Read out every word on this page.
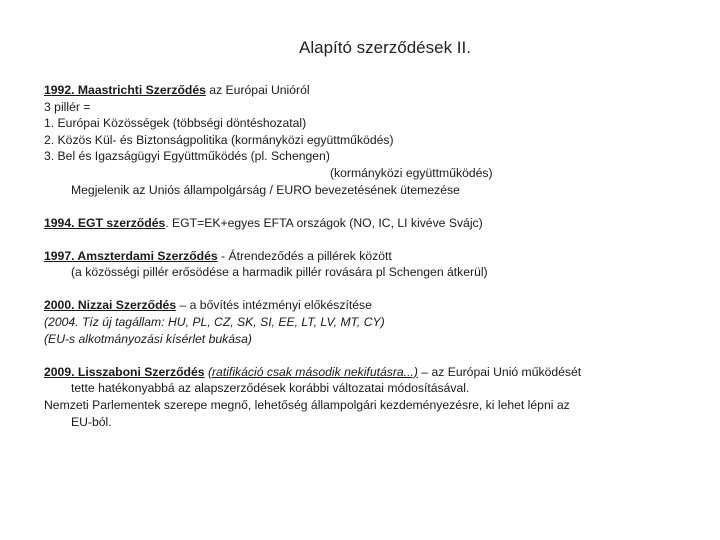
Alapító szerződések II.
1992. Maastrichti Szerződés az Európai Unióról
3 pillér =
1. Európai Közösségek (többségi döntéshozatal)
2. Közös Kül- és Biztonságpolitika (kormányközi együttműködés)
3. Bel és Igazságügyi Együttműködés (pl. Schengen)
(kormányközi együttműködés)
Megjelenik az Uniós állampolgárság / EURO bevezetésének ütemezése
1994. EGT szerződés. EGT=EK+egyes EFTA országok (NO, IC, LI kivéve Svájc)
1997. Amszterdami Szerződés - Átrendeződés a pillérek között
(a közösségi pillér erősödése a harmadik pillér rovására pl Schengen átkerül)
2000. Nizzai Szerződés – a bővítés intézményi előkészítése
(2004. Tíz új tagállam: HU, PL, CZ, SK, SI, EE, LT, LV, MT, CY)
(EU-s alkotmányozási kísérlet bukása)
2009. Lisszaboni Szerződés (ratifikáció csak második nekifutásra...) – az Európai Unió működését
tette hatékonyabbá az alapszerződések korábbi változatai módosításával.
Nemzeti Parlementek szerepe megnő, lehetőség állampolgári kezdeményezésre, ki lehet lépni az
EU-ból.
